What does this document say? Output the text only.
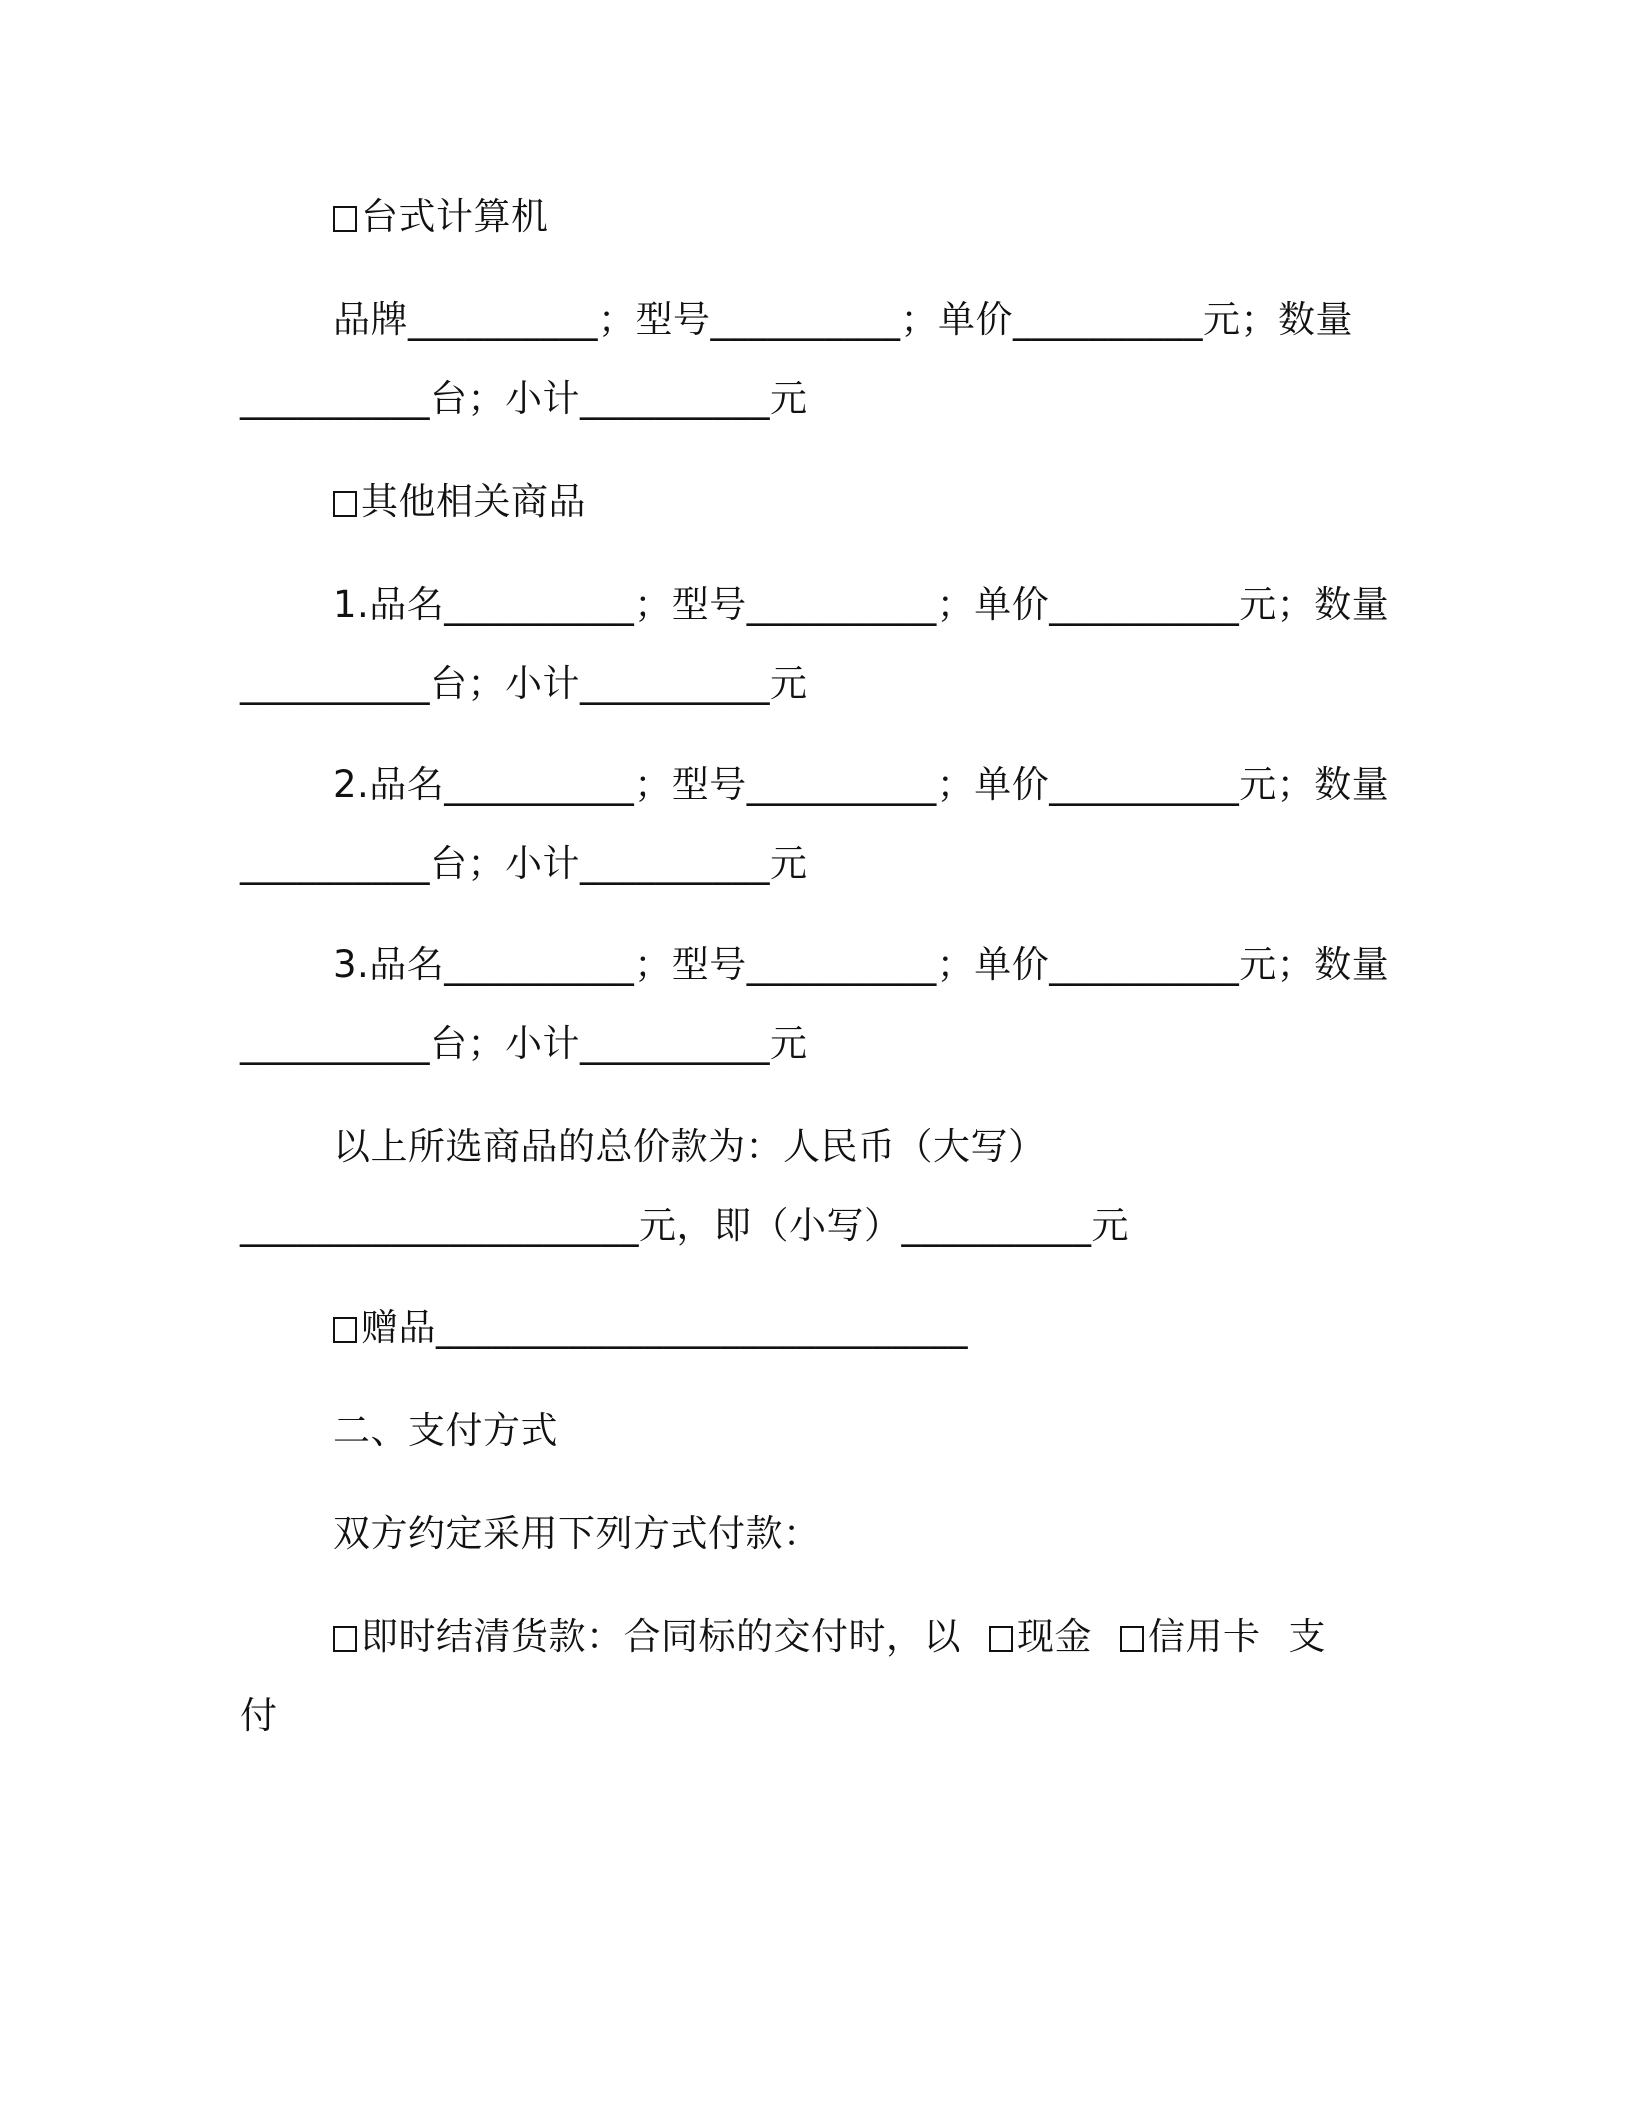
台式计算机
品牌__________；型号__________；单价__________元；数量
__________台；小计__________元
其他相关商品
1.品名__________；型号__________；单价__________元；数量
__________台；小计__________元
2.品名__________；型号__________；单价__________元；数量
__________台；小计__________元
3.品名__________；型号__________；单价__________元；数量
__________台；小计__________元
以上所选商品的总价款为：人民币（大写）
_____________________元，即（小写）__________元
赠品____________________________
二、支付方式
双方约定采用下列方式付款：
即时结清货款：合同标的交付时，以 现金 信用卡 支
付
